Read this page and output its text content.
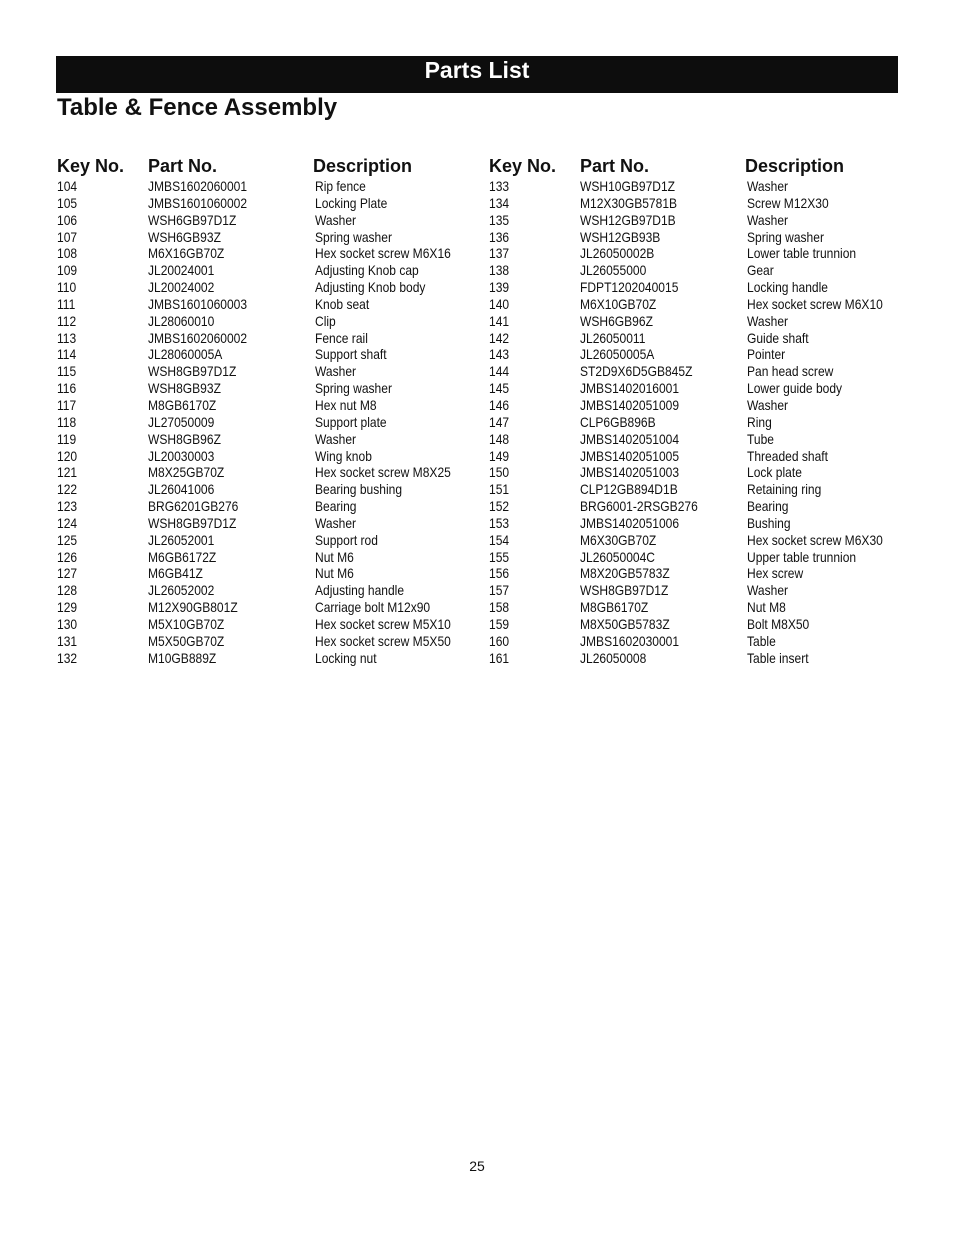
Parts List
Table & Fence Assembly
Key No. Part No.	Description
104	JMBS1602060001	Rip fence
105	JMBS1601060002	Locking Plate
106	WSH6GB97D1Z	Washer
107	WSH6GB93Z	Spring washer
108	M6X16GB70Z	Hex socket screw M6X16
109	JL20024001	Adjusting Knob cap
110	JL20024002	Adjusting Knob body
111	JMBS1601060003	Knob seat
112	JL28060010	Clip
113	JMBS1602060002	Fence rail
114	JL28060005A	Support shaft
115	WSH8GB97D1Z	Washer
116	WSH8GB93Z	Spring washer
117	M8GB6170Z	Hex nut M8
118	JL27050009	Support plate
119	WSH8GB96Z	Washer
120	JL20030003	Wing knob
121	M8X25GB70Z	Hex socket screw M8X25
122	JL26041006	Bearing bushing
123	BRG6201GB276	Bearing
124	WSH8GB97D1Z	Washer
125	JL26052001	Support rod
126	M6GB6172Z	Nut M6
127	M6GB41Z	Nut M6
128	JL26052002	Adjusting handle
129	M12X90GB801Z	Carriage bolt M12x90
130	M5X10GB70Z	Hex socket screw M5X10
131	M5X50GB70Z	Hex socket screw M5X50
132	M10GB889Z	Locking nut
Key No. Part No.	Description
133	WSH10GB97D1Z	Washer
134	M12X30GB5781B	Screw M12X30
135	WSH12GB97D1B	Washer
136	WSH12GB93B	Spring washer
137	JL26050002B	Lower table trunnion
138	JL26055000	Gear
139	FDPT1202040015	Locking handle
140	M6X10GB70Z	Hex socket screw M6X10
141	WSH6GB96Z	Washer
142	JL26050011	Guide shaft
143	JL26050005A	Pointer
144	ST2D9X6D5GB845Z	Pan head screw
145	JMBS1402016001	Lower guide body
146	JMBS1402051009	Washer
147	CLP6GB896B	Ring
148	JMBS1402051004	Tube
149	JMBS1402051005	Threaded shaft
150	JMBS1402051003	Lock plate
151	CLP12GB894D1B	Retaining ring
152	BRG6001-2RSGB276	Bearing
153	JMBS1402051006	Bushing
154	M6X30GB70Z	Hex socket screw M6X30
155	JL26050004C	Upper table trunnion
156	M8X20GB5783Z	Hex screw
157	WSH8GB97D1Z	Washer
158	M8GB6170Z	Nut M8
159	M8X50GB5783Z	Bolt M8X50
160	JMBS1602030001	Table
161	JL26050008	Table insert
25
